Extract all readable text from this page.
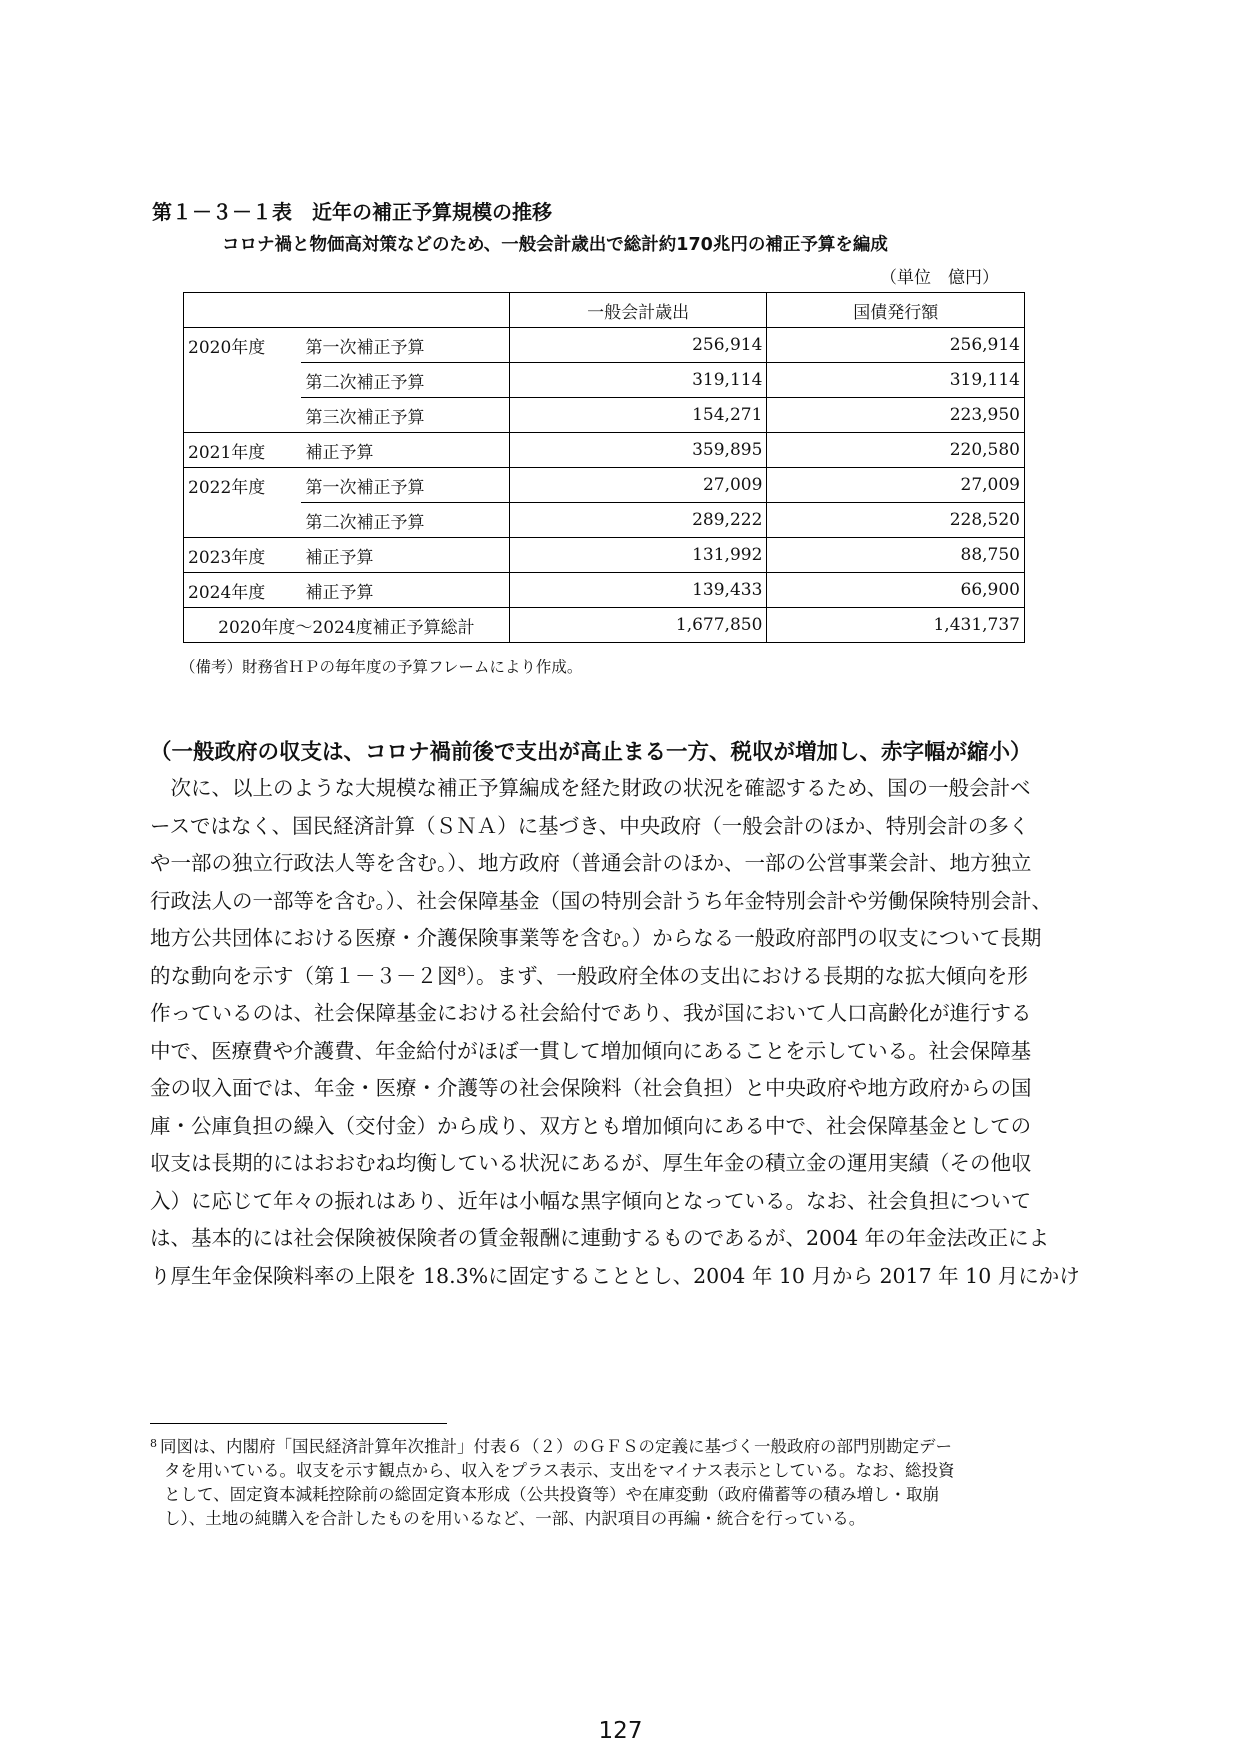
第１－３－１表　近年の補正予算規模の推移
コロナ禍と物価高対策などのため、一般会計歳出で総計約170兆円の補正予算を編成
（単位　億円）
		一般会計歳出	国債発行額
2020年度	第一次補正予算	256,914	256,914
	第二次補正予算	319,114	319,114
	第三次補正予算	154,271	223,950
2021年度	補正予算	359,895	220,580
2022年度	第一次補正予算	27,009	27,009
	第二次補正予算	289,222	228,520
2023年度	補正予算	131,992	88,750
2024年度	補正予算	139,433	66,900
2020年度～2024度補正予算総計		1,677,850	1,431,737
（備考）財務省ＨＰの毎年度の予算フレームにより作成。
（一般政府の収支は、コロナ禍前後で支出が高止まる一方、税収が増加し、赤字幅が縮小）
　次に、以上のような大規模な補正予算編成を経た財政の状況を確認するため、国の一般会計ベ
ースではなく、国民経済計算（ＳＮＡ）に基づき、中央政府（一般会計のほか、特別会計の多く
や一部の独立行政法人等を含む。）、地方政府（普通会計のほか、一部の公営事業会計、地方独立
行政法人の一部等を含む。）、社会保障基金（国の特別会計うち年金特別会計や労働保険特別会計、
地方公共団体における医療・介護保険事業等を含む。）からなる一般政府部門の収支について長期
的な動向を示す（第１－３－２図⁸）。まず、一般政府全体の支出における長期的な拡大傾向を形
作っているのは、社会保障基金における社会給付であり、我が国において人口高齢化が進行する
中で、医療費や介護費、年金給付がほぼ一貫して増加傾向にあることを示している。社会保障基
金の収入面では、年金・医療・介護等の社会保険料（社会負担）と中央政府や地方政府からの国
庫・公庫負担の繰入（交付金）から成り、双方とも増加傾向にある中で、社会保障基金としての
収支は長期的にはおおむね均衡している状況にあるが、厚生年金の積立金の運用実績（その他収
入）に応じて年々の振れはあり、近年は小幅な黒字傾向となっている。なお、社会負担について
は、基本的には社会保険被保険者の賃金報酬に連動するものであるが、2004 年の年金法改正によ
り厚生年金保険料率の上限を 18.3%に固定することとし、2004 年 10 月から 2017 年 10 月にかけ
$^8$ 同図は、内閣府「国民経済計算年次推計」付表６（２）のＧＦＳの定義に基づく一般政府の部門別勘定デー
タを用いている。収支を示す観点から、収入をプラス表示、支出をマイナス表示としている。なお、総投資
として、固定資本減耗控除前の総固定資本形成（公共投資等）や在庫変動（政府備蓄等の積み増し・取崩
し）、土地の純購入を合計したものを用いるなど、一部、内訳項目の再編・統合を行っている。
127
